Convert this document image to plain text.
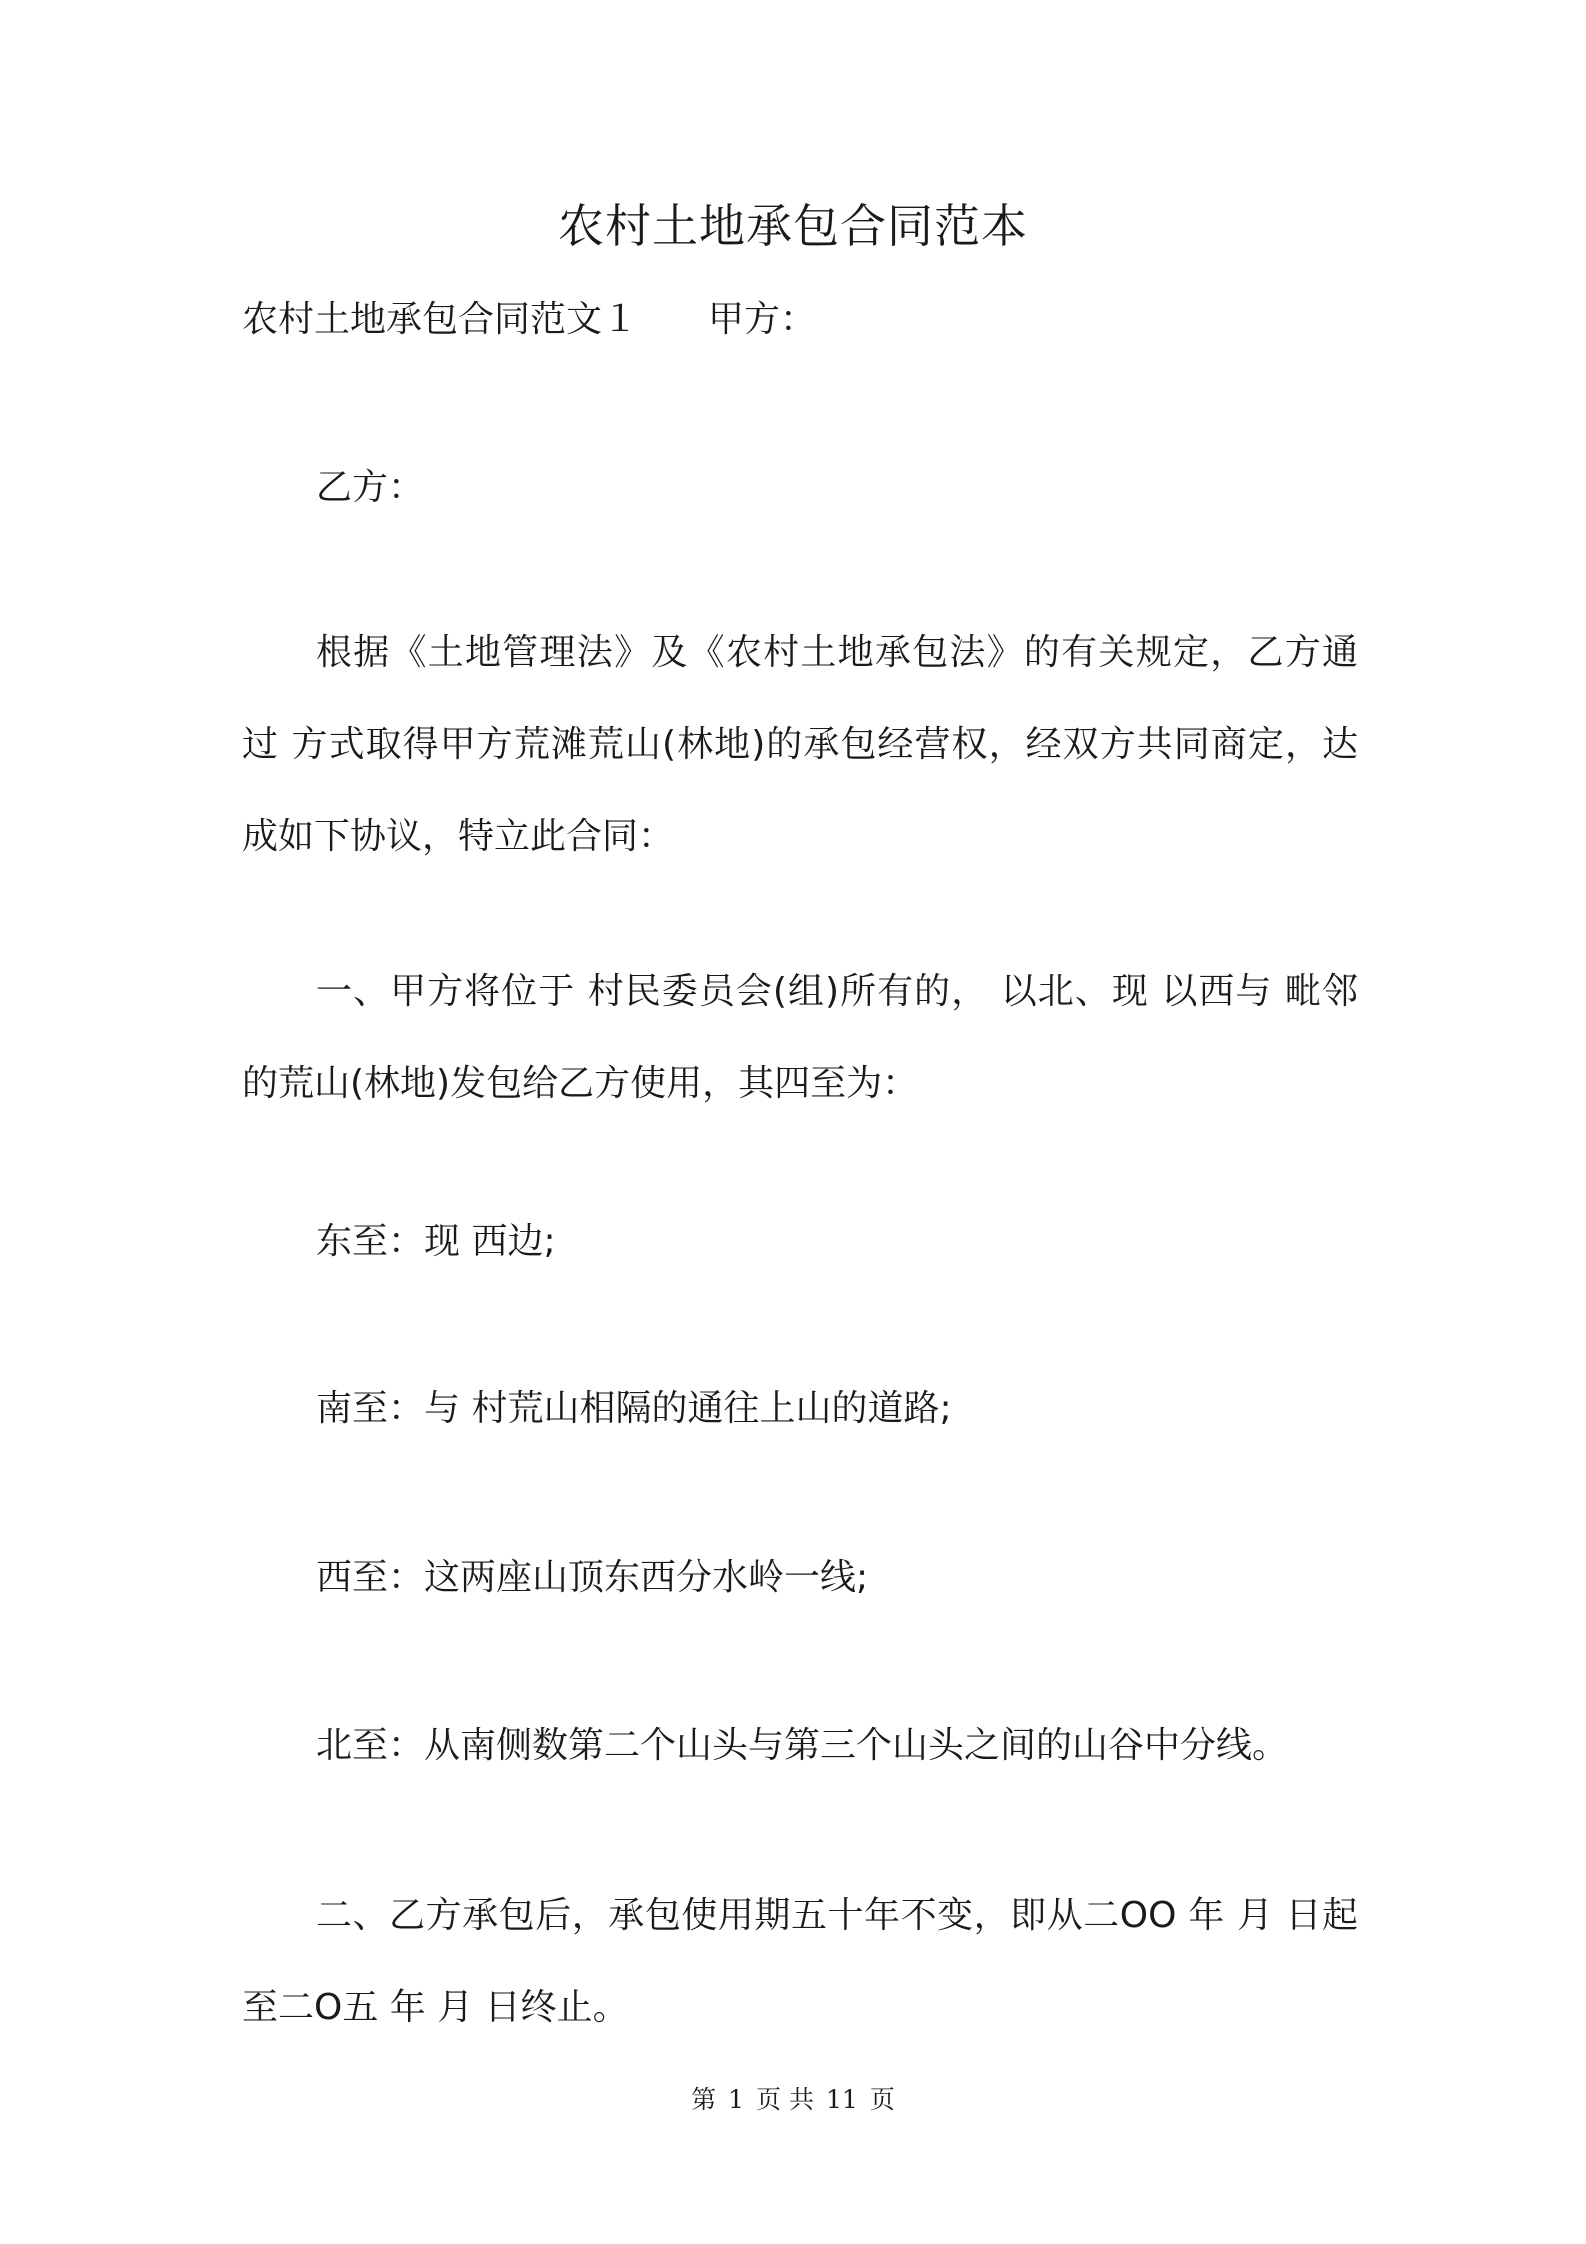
农村土地承包合同范本

农村土地承包合同范文１ 甲方：

乙方：

根据《土地管理法》及《农村土地承包法》的有关规定，乙方通过 方式取得甲方荒滩荒山(林地)的承包经营权，经双方共同商定，达成如下协议，特立此合同：

一、甲方将位于 村民委员会(组)所有的， 以北、现 以西与 毗邻的荒山(林地)发包给乙方使用，其四至为：

东至：现 西边;

南至：与 村荒山相隔的通往上山的道路;

西至：这两座山顶东西分水岭一线;

北至：从南侧数第二个山头与第三个山头之间的山谷中分线。

二、乙方承包后，承包使用期五十年不变，即从二OO 年 月 日起至二O五 年 月 日终止。

第 1 页 共 11 页
